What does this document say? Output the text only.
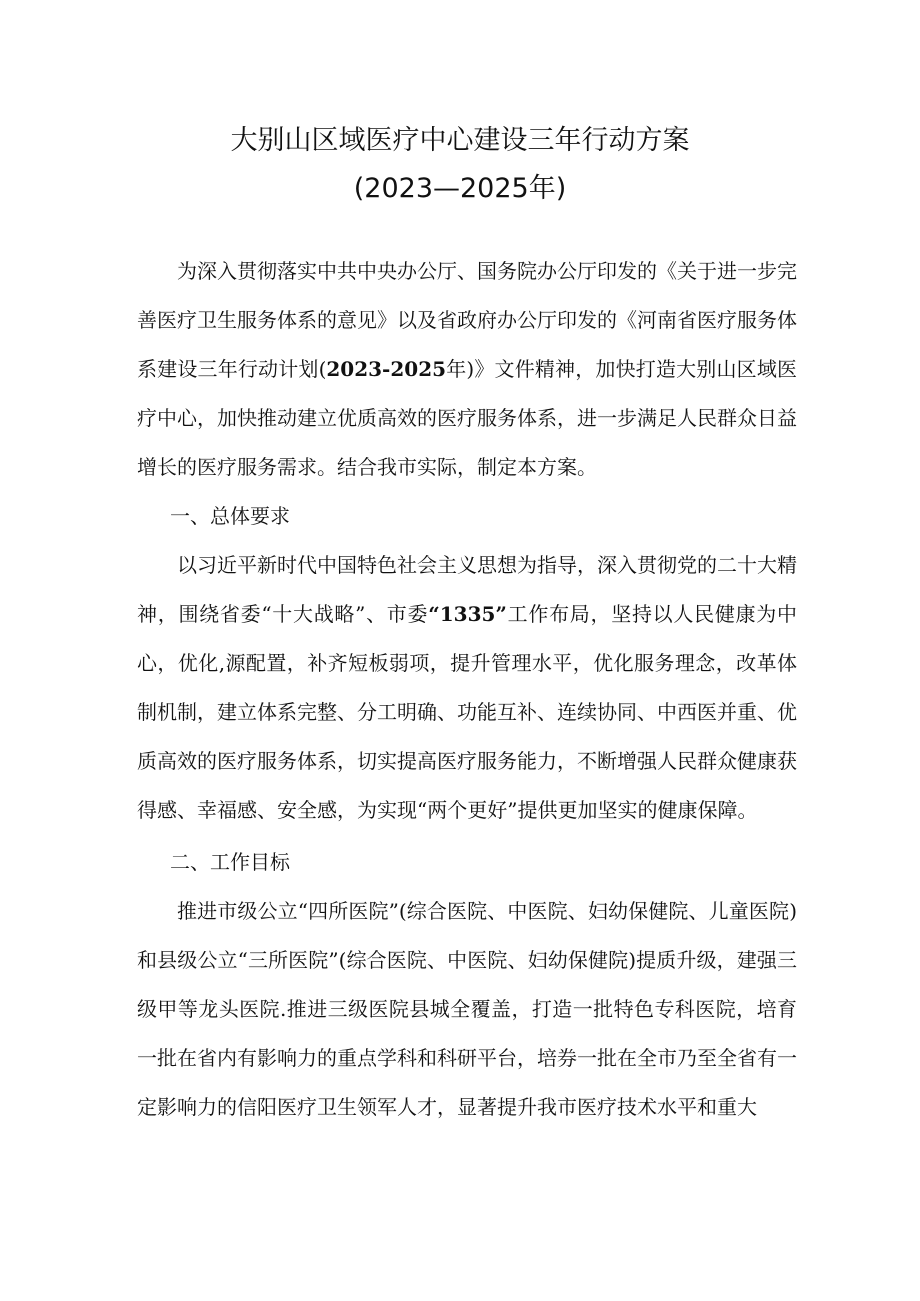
大别山区域医疗中心建设三年行动方案
(2023—2025年)

为深入贯彻落实中共中央办公厅、国务院办公厅印发的《关于进一步完善医疗卫生服务体系的意见》以及省政府办公厅印发的《河南省医疗服务体系建设三年行动计划(2023-2025年)》文件精神，加快打造大别山区域医疗中心，加快推动建立优质高效的医疗服务体系，进一步满足人民群众日益增长的医疗服务需求。结合我市实际，制定本方案。

一、总体要求

以习近平新时代中国特色社会主义思想为指导，深入贯彻党的二十大精神，围绕省委“十大战略”、市委“1335”工作布局，坚持以人民健康为中心，优化,源配置，补齐短板弱项，提升管理水平，优化服务理念，改革体制机制，建立体系完整、分工明确、功能互补、连续协同、中西医并重、优质高效的医疗服务体系，切实提高医疗服务能力，不断增强人民群众健康获得感、幸福感、安全感，为实现“两个更好”提供更加坚实的健康保障。

二、工作目标

推进市级公立“四所医院”(综合医院、中医院、妇幼保健院、儿童医院)和县级公立“三所医院”(综合医院、中医院、妇幼保健院)提质升级，建强三级甲等龙头医院.推进三级医院县城全覆盖，打造一批特色专科医院，培育一批在省内有影响力的重点学科和科研平台，培券一批在全市乃至全省有一定影响力的信阳医疗卫生领军人才，显著提升我市医疗技术水平和重大
